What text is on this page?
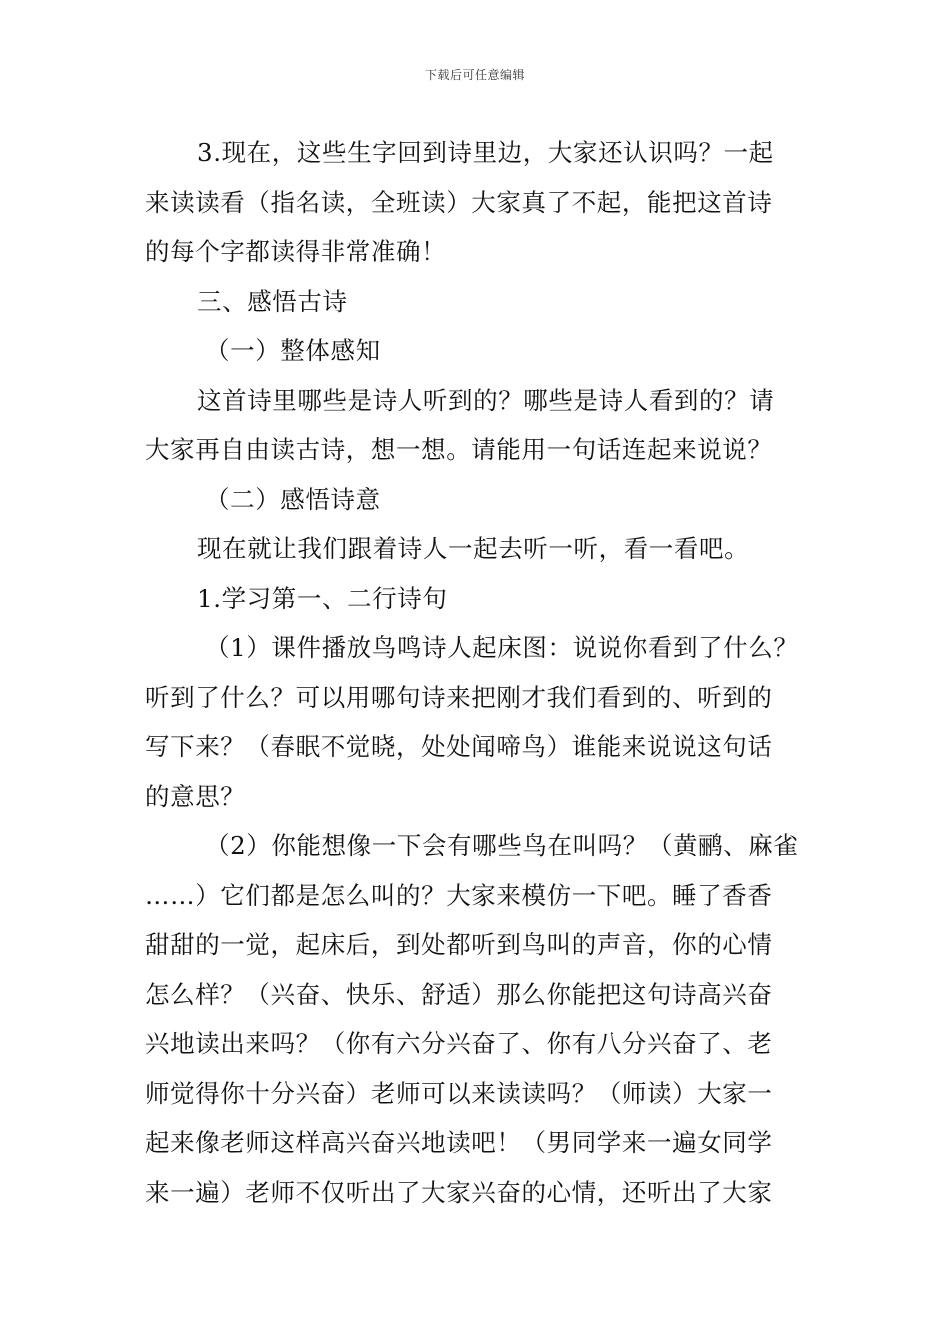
下载后可任意编辑
3.现在，这些生字回到诗里边，大家还认识吗？一起
来读读看（指名读，全班读）大家真了不起，能把这首诗
的每个字都读得非常准确！
三、感悟古诗
（一）整体感知
这首诗里哪些是诗人听到的？哪些是诗人看到的？请
大家再自由读古诗，想一想。请能用一句话连起来说说？
（二）感悟诗意
现在就让我们跟着诗人一起去听一听，看一看吧。
1.学习第一、二行诗句
（1）课件播放鸟鸣诗人起床图：说说你看到了什么？
听到了什么？可以用哪句诗来把刚才我们看到的、听到的
写下来？（春眠不觉晓，处处闻啼鸟）谁能来说说这句话
的意思？
（2）你能想像一下会有哪些鸟在叫吗？（黄鹂、麻雀
……）它们都是怎么叫的？大家来模仿一下吧。睡了香香
甜甜的一觉，起床后，到处都听到鸟叫的声音，你的心情
怎么样？（兴奋、快乐、舒适）那么你能把这句诗高兴奋
兴地读出来吗？（你有六分兴奋了、你有八分兴奋了、老
师觉得你十分兴奋）老师可以来读读吗？（师读）大家一
起来像老师这样高兴奋兴地读吧！（男同学来一遍女同学
来一遍）老师不仅听出了大家兴奋的心情，还听出了大家
